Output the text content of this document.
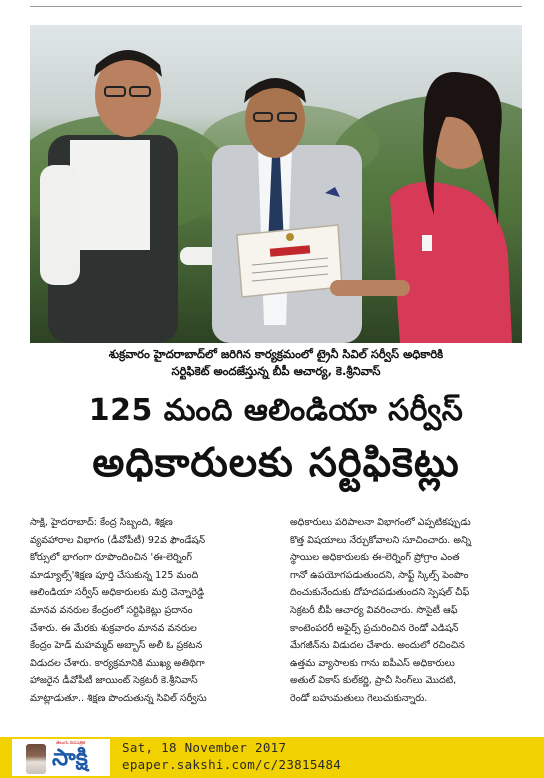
శుక్రవారం హైదరాబాద్‌లో జరిగిన కార్యక్రమంలో ట్రైనీ సివిల్ సర్వీస్ అధికారికి
సర్టిఫికెట్ అందజేస్తున్న బీపీ ఆచార్య, కె.శ్రీనివాస్
125 మంది ఆలిండియా సర్వీస్
అధికారులకు సర్టిఫికెట్లు
సాక్షి, హైదరాబాద్: కేంద్ర సిబ్బంది, శిక్షణ
వ్యవహారాల విభాగం (డీవోపీటీ) 92వ ఫౌండేషన్
కోర్సులో భాగంగా రూపొందించిన 'ఈ-లెర్నింగ్
మాడ్యూల్స్‌'శిక్షణ పూర్తి చేసుకున్న 125 మంది
ఆలిండియా సర్వీస్ అధికారులకు మర్రి చెన్నారెడ్డి
మానవ వనరుల కేంద్రంలో సర్టిఫికెట్లు ప్రదానం
చేశారు. ఈ మేరకు శుక్రవారం మానవ వనరుల
కేంద్రం హెడ్ మహమ్మద్ అబ్బాస్ అలీ ఓ ప్రకటన
విడుదల చేశారు. కార్యక్రమానికి ముఖ్య అతిథిగా
హాజరైన డీవోపీటీ జాయింట్ సెక్రటరీ కె.శ్రీనివాస్
మాట్లాడుతూ.. శిక్షణ పొందుతున్న సివిల్ సర్వీసు
అధికారులు పరిపాలనా విభాగంలో ఎప్పటికప్పుడు
కొత్త విషయాలు నేర్చుకోవాలని సూచించారు. అన్ని
స్థాయిల అధికారులకు ఈ-లెర్నింగ్ ప్రోగ్రాం ఎంత
గానో ఉపయోగపడుతుందని, సాఫ్ట్ స్కిల్స్ పెంపొం
దించుకునేందుకు దోహదపడుతుందని స్పెషల్ చీఫ్
సెక్రటరీ బీపీ ఆచార్య వివరించారు. సొసైటీ ఆఫ్
కాంటెంపరరీ అఫైర్స్ ప్రచురించిన రెండో ఎడిషన్
మేగజీన్‌ను విడుదల చేశారు. అందులో రచించిన
ఉత్తమ వ్యాసాలకు గాను ఐపీఎస్ అధికారులు
అతుల్ వికాస్ కుల్‌కర్ణి, ప్రాచీ సింగ్‌లు మొదటి,
రెండో బహుమతులు గెలుచుకున్నారు.
తెలుగు దినపత్రిక
సాక్షి	Sat, 18 November 2017
epaper.sakshi.com/c/23815484
